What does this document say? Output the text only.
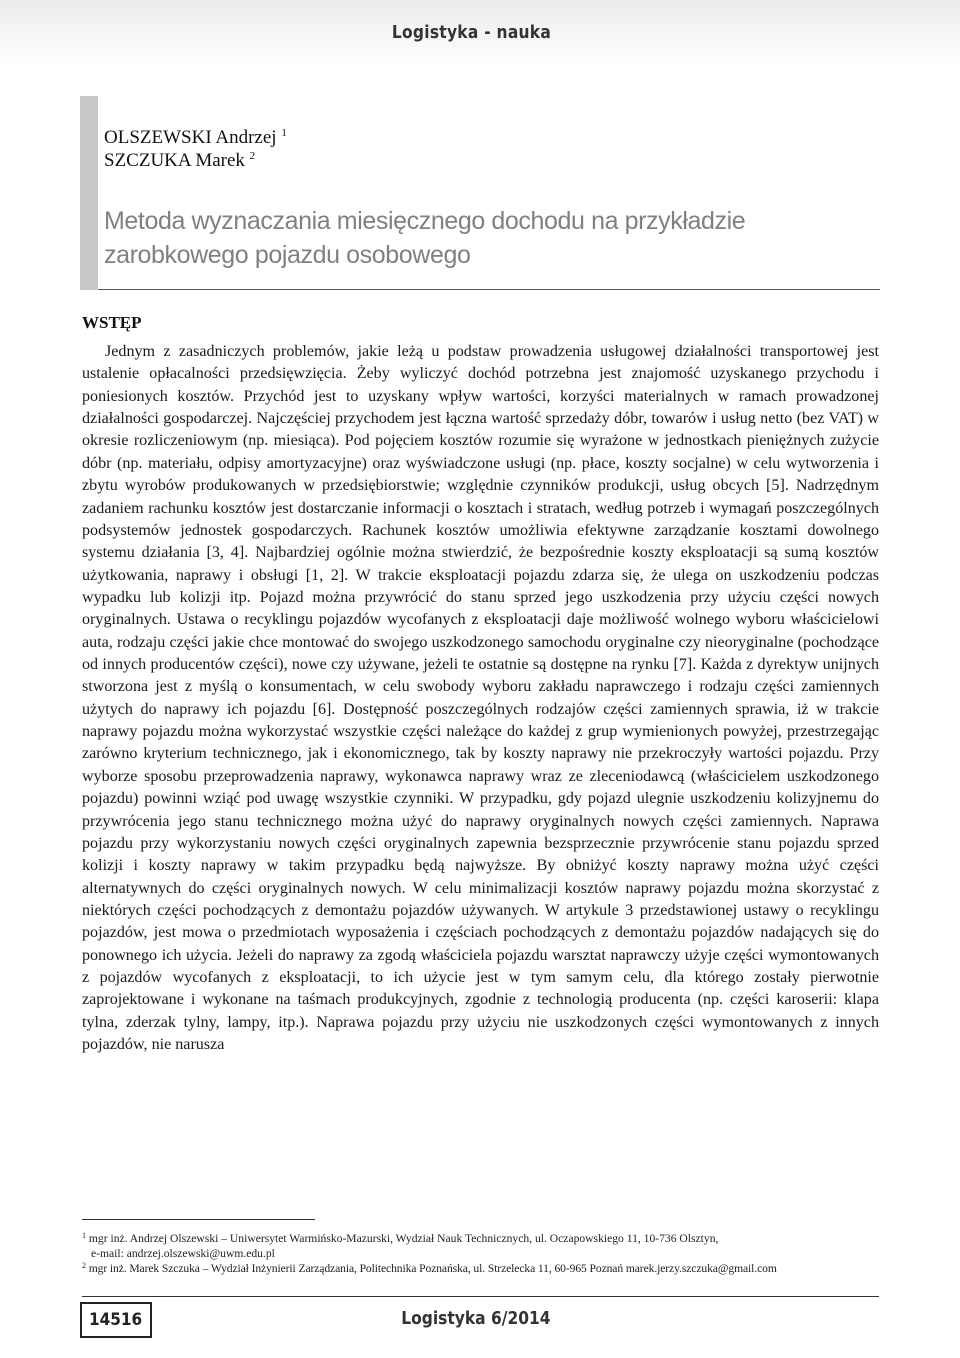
Logistyka - nauka
OLSZEWSKI Andrzej $^1$
SZCZUKA Marek $^2$
Metoda wyznaczania miesięcznego dochodu na przykładzie zarobkowego pojazdu osobowego
WSTĘP

Jednym z zasadniczych problemów, jakie leżą u podstaw prowadzenia usługowej działalności transportowej jest ustalenie opłacalności przedsięwzięcia. Żeby wyliczyć dochód potrzebna jest znajomość uzyskanego przychodu i poniesionych kosztów. Przychód jest to uzyskany wpływ wartości, korzyści materialnych w ramach prowadzonej działalności gospodarczej. Najczęściej przychodem jest łączna wartość sprzedaży dóbr, towarów i usług netto (bez VAT) w okresie rozliczeniowym (np. miesiąca). Pod pojęciem kosztów rozumie się wyrażone w jednostkach pieniężnych zużycie dóbr (np. materiału, odpisy amortyzacyjne) oraz wyświadczone usługi (np. płace, koszty socjalne) w celu wytworzenia i zbytu wyrobów produkowanych w przedsiębiorstwie; względnie czynników produkcji, usług obcych [5]. Nadrzędnym zadaniem rachunku kosztów jest dostarczanie informacji o kosztach i stratach, według potrzeb i wymagań poszczególnych podsystemów jednostek gospodarczych. Rachunek kosztów umożliwia efektywne zarządzanie kosztami dowolnego systemu działania [3, 4]. Najbardziej ogólnie można stwierdzić, że bezpośrednie koszty eksploatacji są sumą kosztów użytkowania, naprawy i obsługi [1, 2]. W trakcie eksploatacji pojazdu zdarza się, że ulega on uszkodzeniu podczas wypadku lub kolizji itp. Pojazd można przywrócić do stanu sprzed jego uszkodzenia przy użyciu części nowych oryginalnych. Ustawa o recyklingu pojazdów wycofanych z eksploatacji daje możliwość wolnego wyboru właścicielowi auta, rodzaju części jakie chce montować do swojego uszkodzonego samochodu oryginalne czy nieoryginalne (pochodzące od innych producentów części), nowe czy używane, jeżeli te ostatnie są dostępne na rynku [7]. Każda z dyrektyw unijnych stworzona jest z myślą o konsumentach, w celu swobody wyboru zakładu naprawczego i rodzaju części zamiennych użytych do naprawy ich pojazdu [6]. Dostępność poszczególnych rodzajów części zamiennych sprawia, iż w trakcie naprawy pojazdu można wykorzystać wszystkie części należące do każdej z grup wymienionych powyżej, przestrzegając zarówno kryterium technicznego, jak i ekonomicznego, tak by koszty naprawy nie przekroczyły wartości pojazdu. Przy wyborze sposobu przeprowadzenia naprawy, wykonawca naprawy wraz ze zleceniodawcą (właścicielem uszkodzonego pojazdu) powinni wziąć pod uwagę wszystkie czynniki. W przypadku, gdy pojazd ulegnie uszkodzeniu kolizyjnemu do przywrócenia jego stanu technicznego można użyć do naprawy oryginalnych nowych części zamiennych. Naprawa pojazdu przy wykorzystaniu nowych części oryginalnych zapewnia bezsprzecznie przywrócenie stanu pojazdu sprzed kolizji i koszty naprawy w takim przypadku będą najwyższe. By obniżyć koszty naprawy można użyć części alternatywnych do części oryginalnych nowych. W celu minimalizacji kosztów naprawy pojazdu można skorzystać z niektórych części pochodzących z demontażu pojazdów używanych. W artykule 3 przedstawionej ustawy o recyklingu pojazdów, jest mowa o przedmiotach wyposażenia i częściach pochodzących z demontażu pojazdów nadających się do ponownego ich użycia. Jeżeli do naprawy za zgodą właściciela pojazdu warsztat naprawczy użyje części wymontowanych z pojazdów wycofanych z eksploatacji, to ich użycie jest w tym samym celu, dla którego zostały pierwotnie zaprojektowane i wykonane na taśmach produkcyjnych, zgodnie z technologią producenta (np. części karoserii: klapa tylna, zderzak tylny, lampy, itp.). Naprawa pojazdu przy użyciu nie uszkodzonych części wymontowanych z innych pojazdów, nie narusza

$^1$ mgr inż. Andrzej Olszewski – Uniwersytet Warmińsko-Mazurski, Wydział Nauk Technicznych, ul. Oczapowskiego 11, 10-736 Olsztyn,
e-mail: andrzej.olszewski@uwm.edu.pl
$^2$ mgr inż. Marek Szczuka – Wydział Inżynierii Zarządzania, Politechnika Poznańska, ul. Strzelecka 11, 60-965 Poznań marek.jerzy.szczuka@gmail.com
14516	Logistyka 6/2014
